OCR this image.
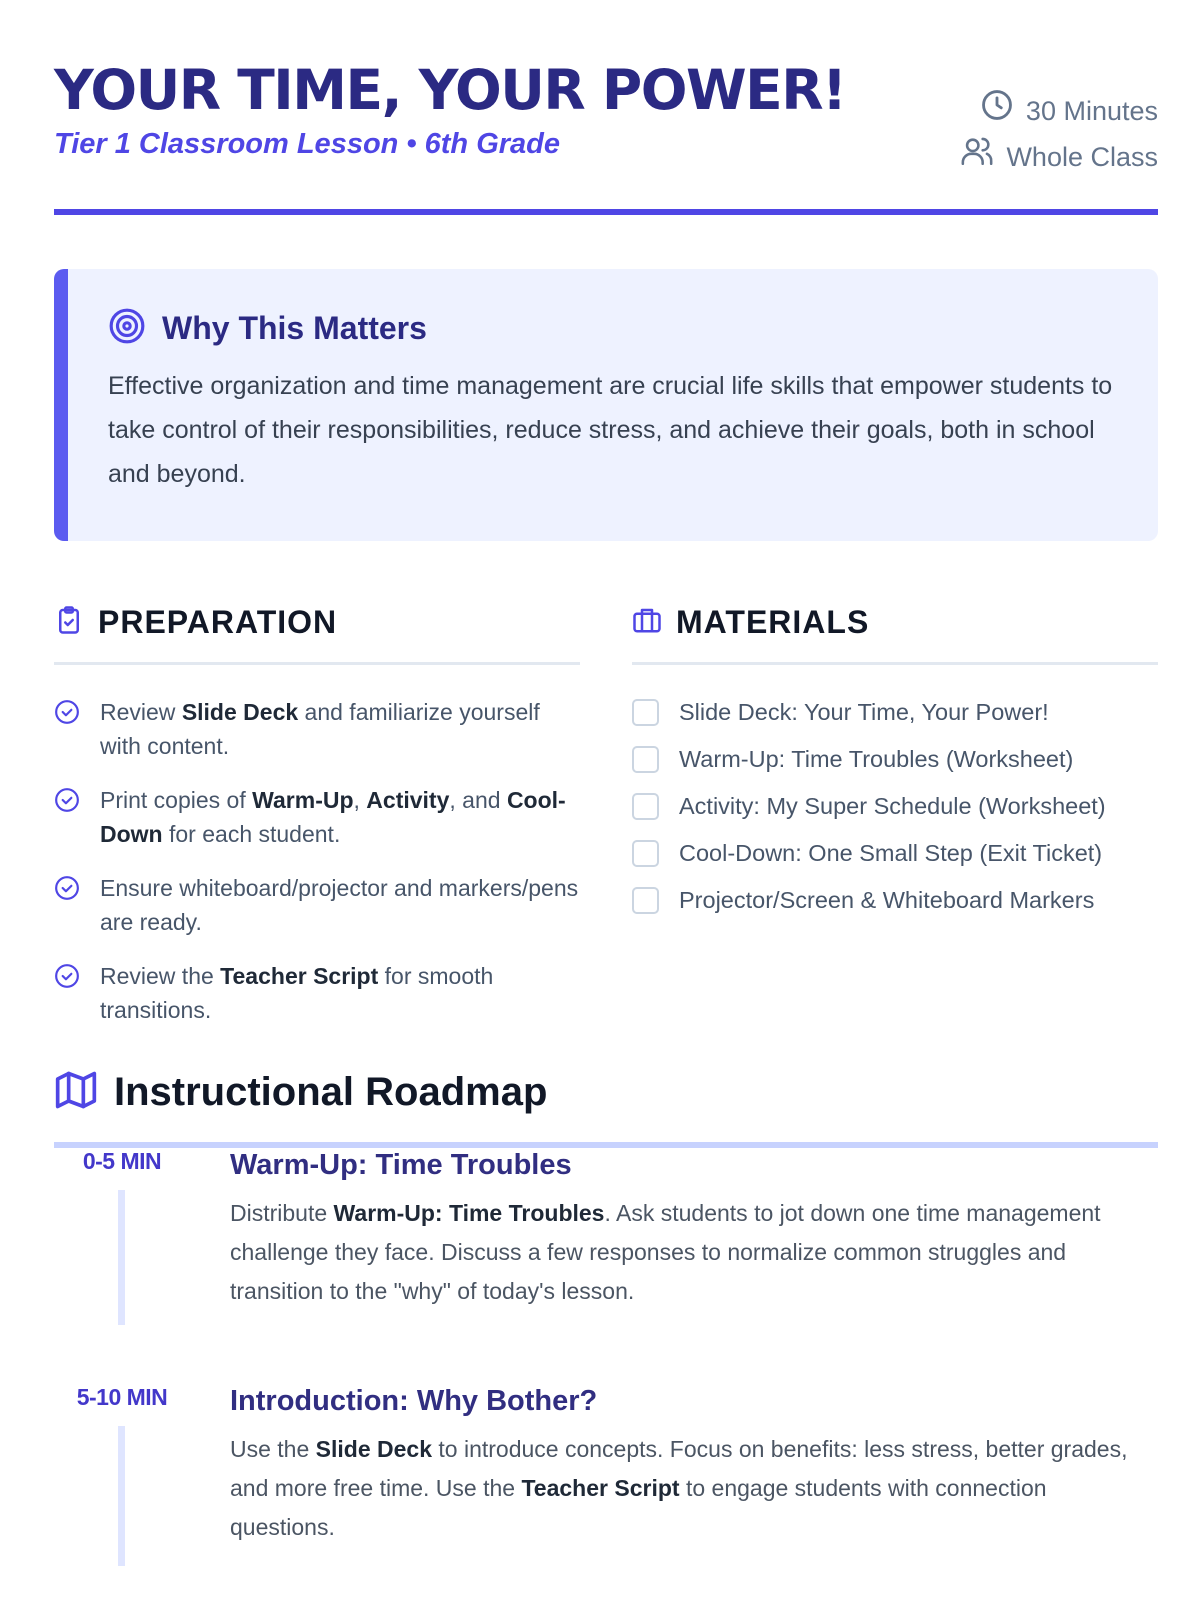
YOUR TIME, YOUR POWER!
Tier 1 Classroom Lesson • 6th Grade
30 Minutes
Whole Class
Why This Matters
Effective organization and time management are crucial life skills that empower students to take control of their responsibilities, reduce stress, and achieve their goals, both in school and beyond.
PREPARATION
Review Slide Deck and familiarize yourself with content.
Print copies of Warm-Up, Activity, and Cool-Down for each student.
Ensure whiteboard/projector and markers/pens are ready.
Review the Teacher Script for smooth transitions.
MATERIALS
Slide Deck: Your Time, Your Power!
Warm-Up: Time Troubles (Worksheet)
Activity: My Super Schedule (Worksheet)
Cool-Down: One Small Step (Exit Ticket)
Projector/Screen & Whiteboard Markers
Instructional Roadmap
0-5 MIN	Warm-Up: Time Troubles
Distribute Warm-Up: Time Troubles. Ask students to jot down one time management challenge they face. Discuss a few responses to normalize common struggles and transition to the "why" of today's lesson.
5-10 MIN	Introduction: Why Bother?
Use the Slide Deck to introduce concepts. Focus on benefits: less stress, better grades, and more free time. Use the Teacher Script to engage students with connection questions.
